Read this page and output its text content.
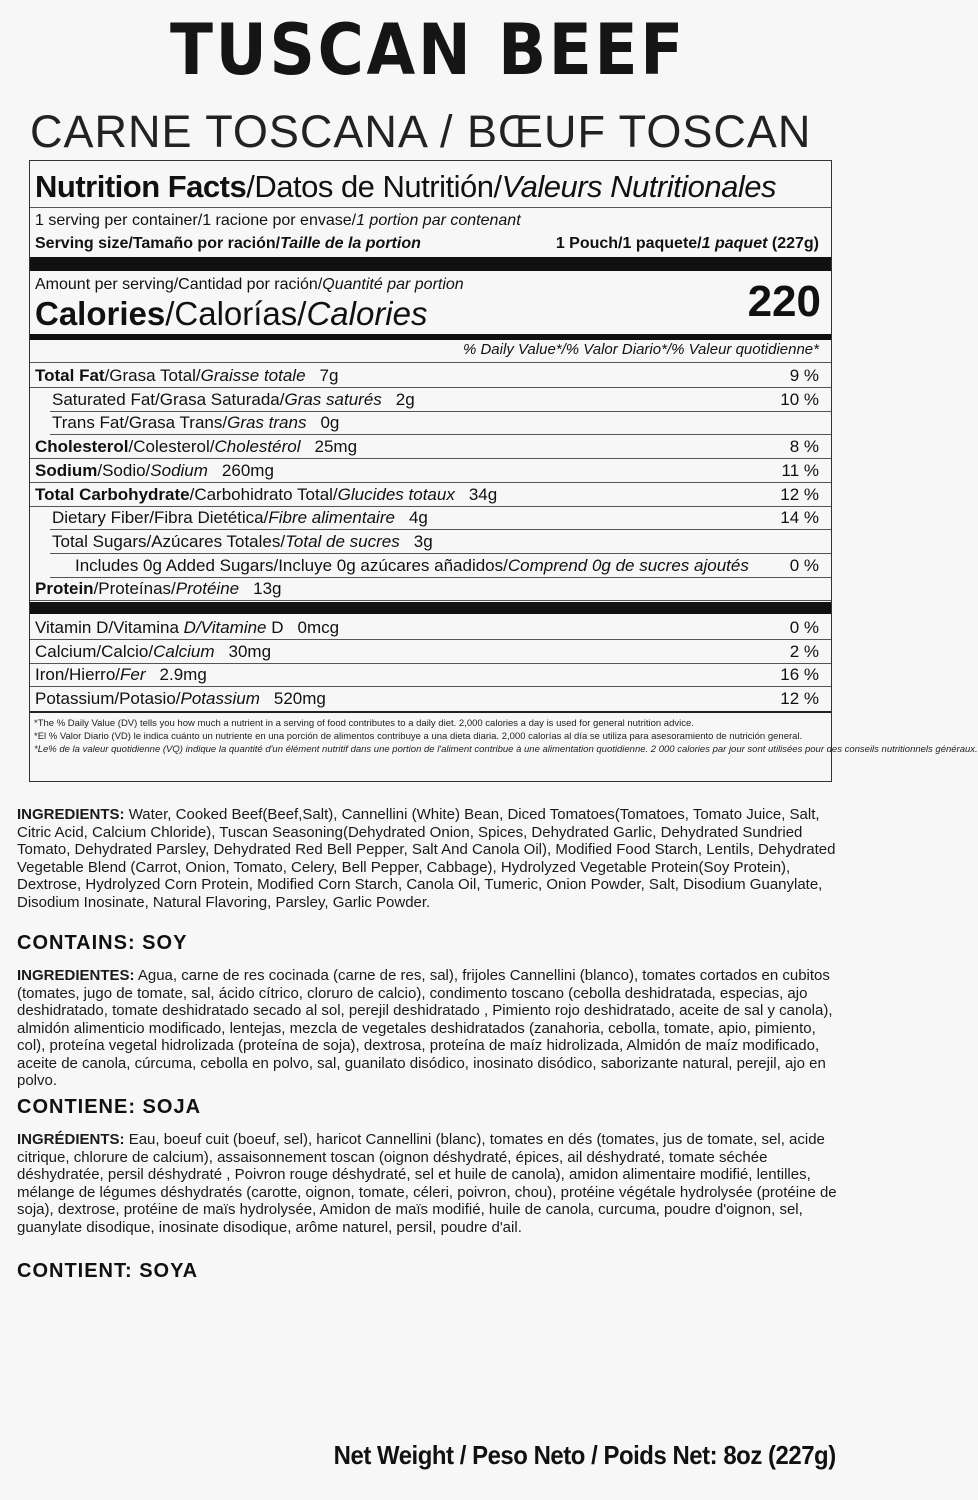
TUSCAN BEEF
CARNE TOSCANA / BŒUF TOSCAN
Nutrition Facts/Datos de Nutritión/Valeurs Nutritionales
1 serving per container/1 racione por envase/1 portion par contenant
Serving size/Tamaño por ración/Taille de la portion	1 Pouch/1 paquete/1 paquet (227g)
Amount per serving/Cantidad por ración/Quantité par portion
Calories/Calorías/Calories	220
% Daily Value*/% Valor Diario*/% Valeur quotidienne*
Total Fat/Grasa Total/Graisse totale 7g	9 %
Saturated Fat/Grasa Saturada/Gras saturés 2g	10 %
Trans Fat/Grasa Trans/Gras trans 0g
Cholesterol/Colesterol/Cholestérol 25mg	8 %
Sodium/Sodio/Sodium 260mg	11 %
Total Carbohydrate/Carbohidrato Total/Glucides totaux 34g	12 %
Dietary Fiber/Fibra Dietética/Fibre alimentaire 4g	14 %
Total Sugars/Azúcares Totales/Total de sucres 3g
Includes 0g Added Sugars/Incluye 0g azúcares añadidos/Comprend 0g de sucres ajoutés 0 %
Protein/Proteínas/Protéine 13g
Vitamin D/Vitamina D/Vitamine D 0mcg	0 %
Calcium/Calcio/Calcium 30mg	2 %
Iron/Hierro/Fer 2.9mg	16 %
Potassium/Potasio/Potassium 520mg	12 %
*The % Daily Value (DV) tells you how much a nutrient in a serving of food contributes to a daily diet. 2,000 calories a day is used for general nutrition advice.
*El % Valor Diario (VD) le indica cuánto un nutriente en una porción de alimentos contribuye a una dieta diaria. 2,000 calorías al día se utiliza para asesoramiento de nutrición general.
*Le% de la valeur quotidienne (VQ) indique la quantité d'un élément nutritif dans une portion de l'aliment contribue à une alimentation quotidienne. 2 000 calories par jour sont utilisées pour des conseils nutritionnels généraux.
INGREDIENTS: Water, Cooked Beef(Beef,Salt), Cannellini (White) Bean, Diced Tomatoes(Tomatoes, Tomato Juice, Salt, Citric Acid, Calcium Chloride), Tuscan Seasoning(Dehydrated Onion, Spices, Dehydrated Garlic, Dehydrated Sundried Tomato, Dehydrated Parsley, Dehydrated Red Bell Pepper, Salt And Canola Oil), Modified Food Starch, Lentils, Dehydrated Vegetable Blend (Carrot, Onion, Tomato, Celery, Bell Pepper, Cabbage), Hydrolyzed Vegetable Protein(Soy Protein), Dextrose, Hydrolyzed Corn Protein, Modified Corn Starch, Canola Oil, Tumeric, Onion Powder, Salt, Disodium Guanylate, Disodium Inosinate, Natural Flavoring, Parsley, Garlic Powder.
CONTAINS: SOY
INGREDIENTES: Agua, carne de res cocinada (carne de res, sal), frijoles Cannellini (blanco), tomates cortados en cubitos (tomates, jugo de tomate, sal, ácido cítrico, cloruro de calcio), condimento toscano (cebolla deshidratada, especias, ajo deshidratado, tomate deshidratado secado al sol, perejil deshidratado , Pimiento rojo deshidratado, aceite de sal y canola), almidón alimenticio modificado, lentejas, mezcla de vegetales deshidratados (zanahoria, cebolla, tomate, apio, pimiento, col), proteína vegetal hidrolizada (proteína de soja), dextrosa, proteína de maíz hidrolizada, Almidón de maíz modificado, aceite de canola, cúrcuma, cebolla en polvo, sal, guanilato disódico, inosinato disódico, saborizante natural, perejil, ajo en polvo.
CONTIENE: SOJA
INGRÉDIENTS: Eau, boeuf cuit (boeuf, sel), haricot Cannellini (blanc), tomates en dés (tomates, jus de tomate, sel, acide citrique, chlorure de calcium), assaisonnement toscan (oignon déshydraté, épices, ail déshydraté, tomate séchée déshydratée, persil déshydraté , Poivron rouge déshydraté, sel et huile de canola), amidon alimentaire modifié, lentilles, mélange de légumes déshydratés (carotte, oignon, tomate, céleri, poivron, chou), protéine végétale hydrolysée (protéine de soja), dextrose, protéine de maïs hydrolysée, Amidon de maïs modifié, huile de canola, curcuma, poudre d'oignon, sel, guanylate disodique, inosinate disodique, arôme naturel, persil, poudre d'ail.
CONTIENT: SOYA
Net Weight / Peso Neto / Poids Net: 8oz (227g)
